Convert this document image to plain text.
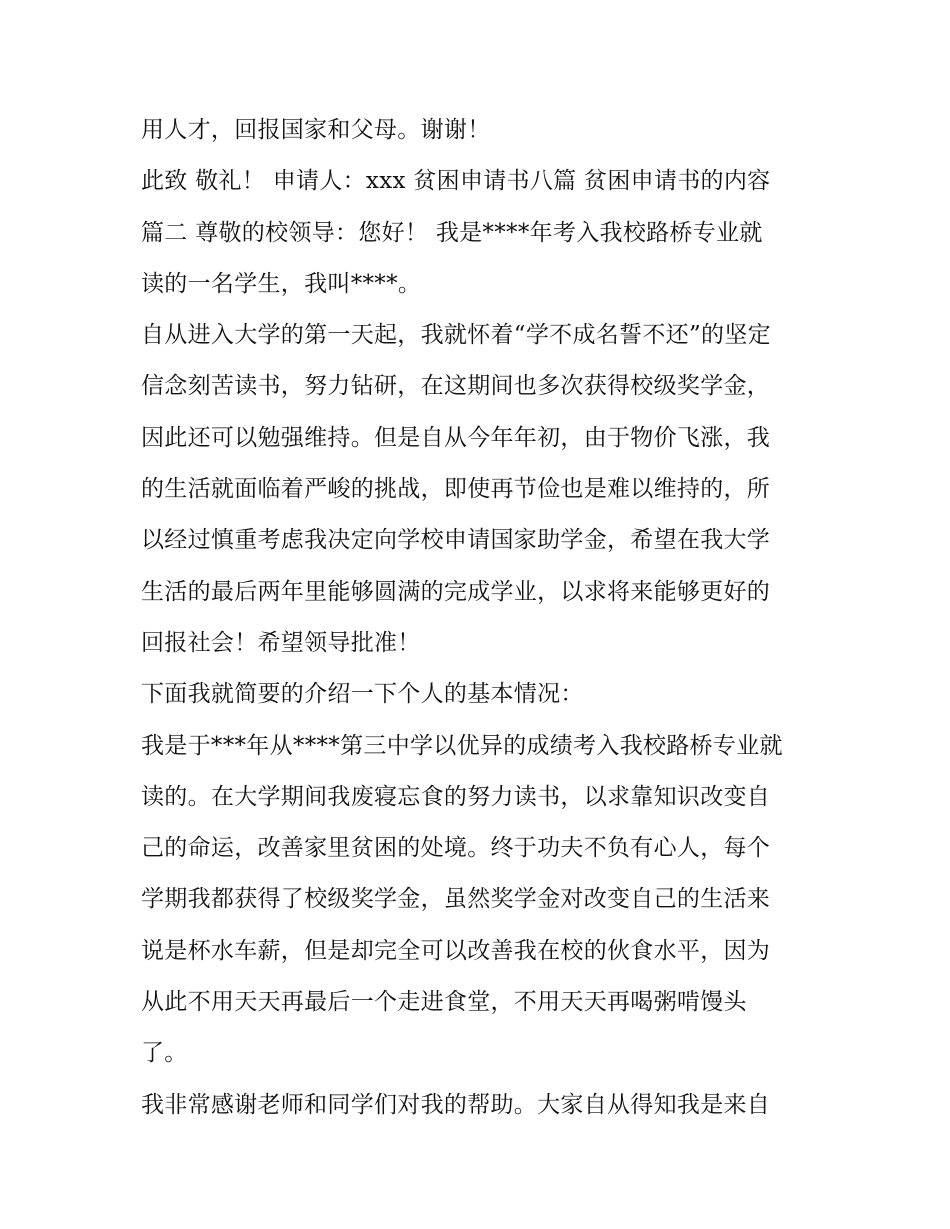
用人才，回报国家和父母。谢谢！
此致 敬礼！ 申请人：xxx 贫困申请书八篇 贫困申请书的内容
篇二 尊敬的校领导：您好！ 我是****年考入我校路桥专业就
读的一名学生，我叫****。
自从进入大学的第一天起，我就怀着“学不成名誓不还”的坚定
信念刻苦读书，努力钻研，在这期间也多次获得校级奖学金，
因此还可以勉强维持。但是自从今年年初，由于物价飞涨，我
的生活就面临着严峻的挑战，即使再节俭也是难以维持的，所
以经过慎重考虑我决定向学校申请国家助学金，希望在我大学
生活的最后两年里能够圆满的完成学业，以求将来能够更好的
回报社会！希望领导批准！
下面我就简要的介绍一下个人的基本情况：
我是于***年从****第三中学以优异的成绩考入我校路桥专业就
读的。在大学期间我废寝忘食的努力读书，以求靠知识改变自
己的命运，改善家里贫困的处境。终于功夫不负有心人，每个
学期我都获得了校级奖学金，虽然奖学金对改变自己的生活来
说是杯水车薪，但是却完全可以改善我在校的伙食水平，因为
从此不用天天再最后一个走进食堂，不用天天再喝粥啃馒头
了。
我非常感谢老师和同学们对我的帮助。大家自从得知我是来自
